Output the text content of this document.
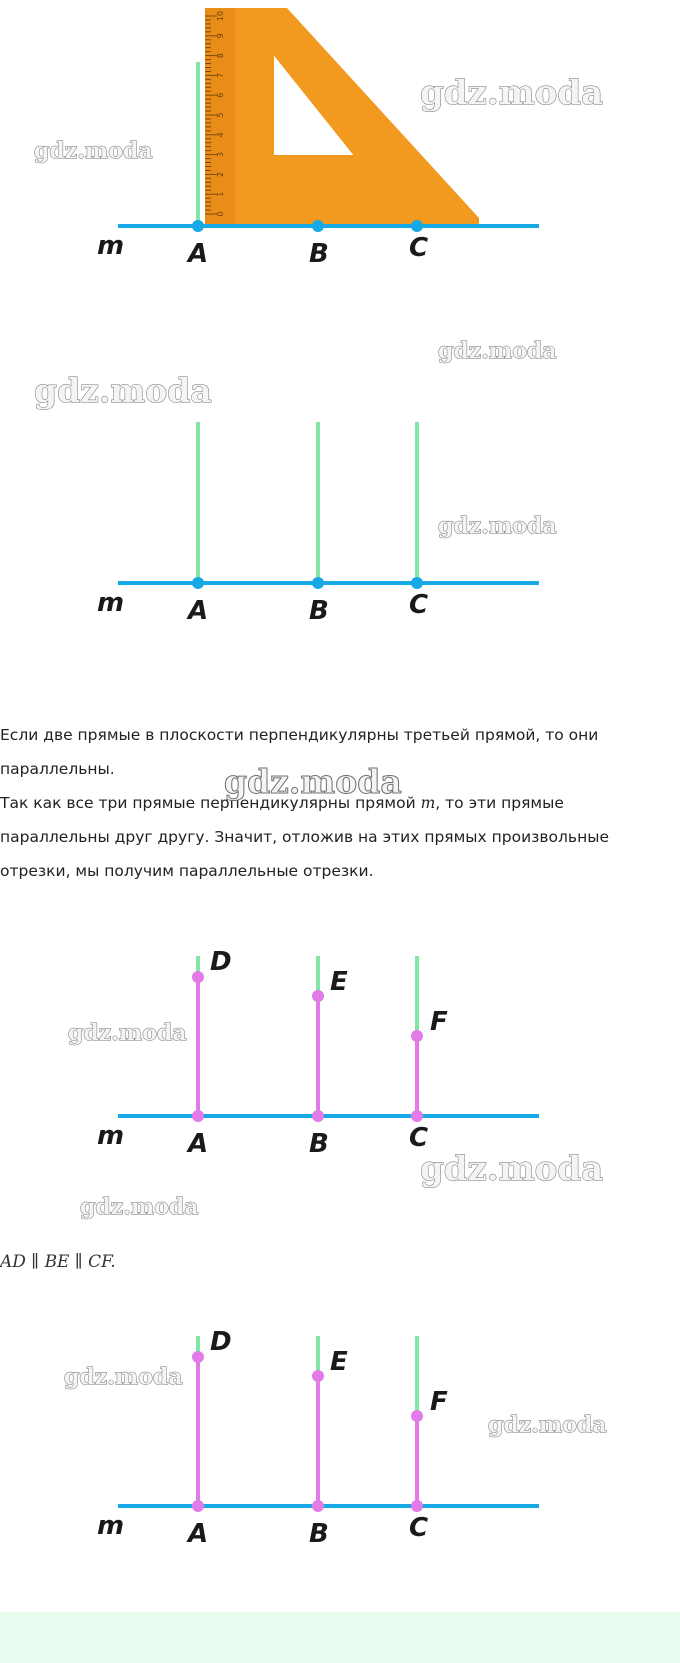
0
1
2
3
4
5
6
7
8
9
10
m A	B	C
gdz.moda
gdz.moda
m A	B	C
gdz.moda
gdz.moda
gdz.moda

Если две прямые в плоскости перпендикулярны третьей прямой, то они

параллельны.

Так как все три прямые перпендикулярны прямой m, то эти прямые

параллельны друг другу. Значит, отложив на этих прямых произвольные

отрезки, мы получим параллельные отрезки.

gdz.moda
D
E
F
m A	B	C
gdz.moda
gdz.moda
gdz.moda
AD ∥ BE ∥ CF.
D
E
F
m A	B	C
gdz.moda
gdz.moda
